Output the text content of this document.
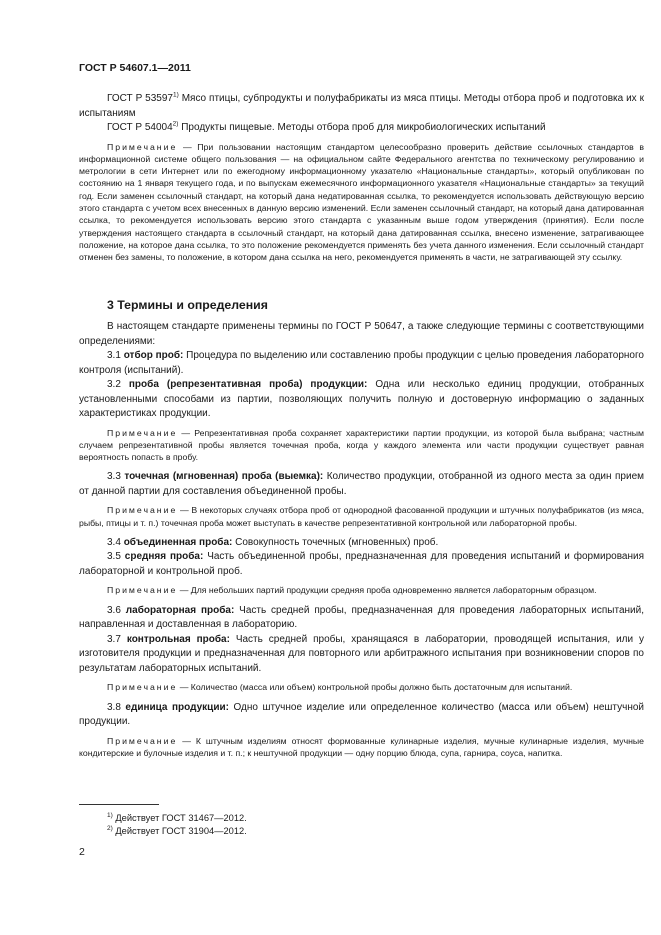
ГОСТ Р 54607.1—2011

ГОСТ Р 53597$^{1)}$ Мясо птицы, субпродукты и полуфабрикаты из мяса птицы. Методы отбора проб и подготовка их к испытаниям

ГОСТ Р 54004$^{2)}$ Продукты пищевые. Методы отбора проб для микробиологических испытаний

Примечание — При пользовании настоящим стандартом целесообразно проверить действие ссылочных стандартов в информационной системе общего пользования — на официальном сайте Федерального агентства по техническому регулированию и метрологии в сети Интернет или по ежегодному информационному указателю «Национальные стандарты», который опубликован по состоянию на 1 января текущего года, и по выпускам ежемесячного информационного указателя «Национальные стандарты» за текущий год. Если заменен ссылочный стандарт, на который дана недатированная ссылка, то рекомендуется использовать действующую версию этого стандарта с учетом всех внесенных в данную версию изменений. Если заменен ссылочный стандарт, на который дана датированная ссылка, то рекомендуется использовать версию этого стандарта с указанным выше годом утверждения (принятия). Если после утверждения настоящего стандарта в ссылочный стандарт, на который дана датированная ссылка, внесено изменение, затрагивающее положение, на которое дана ссылка, то это положение рекомендуется применять без учета данного изменения. Если ссылочный стандарт отменен без замены, то положение, в котором дана ссылка на него, рекомендуется применять в части, не затрагивающей эту ссылку.

3 Термины и определения

В настоящем стандарте применены термины по ГОСТ Р 50647, а также следующие термины с соответствующими определениями:

3.1 отбор проб: Процедура по выделению или составлению пробы продукции с целью проведения лабораторного контроля (испытаний).

3.2 проба (репрезентативная проба) продукции: Одна или несколько единиц продукции, отобранных установленными способами из партии, позволяющих получить полную и достоверную информацию о заданных характеристиках продукции.

Примечание — Репрезентативная проба сохраняет характеристики партии продукции, из которой была выбрана; частным случаем репрезентативной пробы является точечная проба, когда у каждого элемента или части продукции существует равная вероятность попасть в пробу.

3.3 точечная (мгновенная) проба (выемка): Количество продукции, отобранной из одного места за один прием от данной партии для составления объединенной пробы.

Примечание — В некоторых случаях отбора проб от однородной фасованной продукции и штучных полуфабрикатов (из мяса, рыбы, птицы и т. п.) точечная проба может выступать в качестве репрезентативной контрольной или лабораторной пробы.

3.4 объединенная проба: Совокупность точечных (мгновенных) проб.

3.5 средняя проба: Часть объединенной пробы, предназначенная для проведения испытаний и формирования лабораторной и контрольной проб.

Примечание — Для небольших партий продукции средняя проба одновременно является лабораторным образцом.

3.6 лабораторная проба: Часть средней пробы, предназначенная для проведения лабораторных испытаний, направленная и доставленная в лабораторию.

3.7 контрольная проба: Часть средней пробы, хранящаяся в лаборатории, проводящей испытания, или у изготовителя продукции и предназначенная для повторного или арбитражного испытания при возникновении споров по результатам лабораторных испытаний.

Примечание — Количество (масса или объем) контрольной пробы должно быть достаточным для испытаний.

3.8 единица продукции: Одно штучное изделие или определенное количество (масса или объем) нештучной продукции.

Примечание — К штучным изделиям относят формованные кулинарные изделия, мучные кулинарные изделия, мучные кондитерские и булочные изделия и т. п.; к нештучной продукции — одну порцию блюда, супа, гарнира, соуса, напитка.

$^{1)}$ Действует ГОСТ 31467—2012.

$^{2)}$ Действует ГОСТ 31904—2012.

2
